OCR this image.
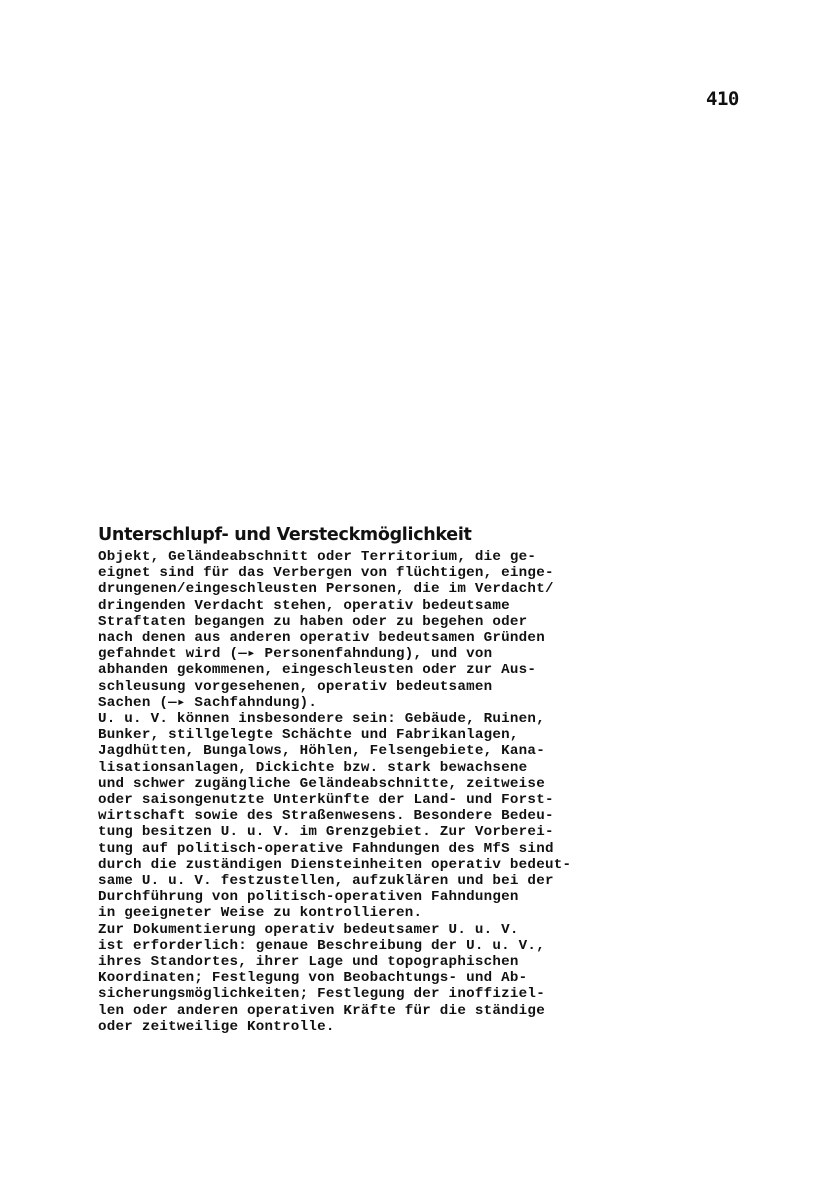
410
Unterschlupf- und Versteckmöglichkeit
Objekt, Geländeabschnitt oder Territorium, die ge-
eignet sind für das Verbergen von flüchtigen, einge-
drungenen/eingeschleusten Personen, die im Verdacht/
dringenden Verdacht stehen, operativ bedeutsame
Straftaten begangen zu haben oder zu begehen oder
nach denen aus anderen operativ bedeutsamen Gründen
gefahndet wird (—▸ Personenfahndung), und von
abhanden gekommenen, eingeschleusten oder zur Aus-
schleusung vorgesehenen, operativ bedeutsamen
Sachen (—▸ Sachfahndung).
U. u. V. können insbesondere sein: Gebäude, Ruinen,
Bunker, stillgelegte Schächte und Fabrikanlagen,
Jagdhütten, Bungalows, Höhlen, Felsengebiete, Kana-
lisationsanlagen, Dickichte bzw. stark bewachsene
und schwer zugängliche Geländeabschnitte, zeitweise
oder saisongenutzte Unterkünfte der Land- und Forst-
wirtschaft sowie des Straßenwesens. Besondere Bedeu-
tung besitzen U. u. V. im Grenzgebiet. Zur Vorberei-
tung auf politisch-operative Fahndungen des MfS sind
durch die zuständigen Diensteinheiten operativ bedeut-
same U. u. V. festzustellen, aufzuklären und bei der
Durchführung von politisch-operativen Fahndungen
in geeigneter Weise zu kontrollieren.
Zur Dokumentierung operativ bedeutsamer U. u. V.
ist erforderlich: genaue Beschreibung der U. u. V.,
ihres Standortes, ihrer Lage und topographischen
Koordinaten; Festlegung von Beobachtungs- und Ab-
sicherungsmöglichkeiten; Festlegung der inoffiziel-
len oder anderen operativen Kräfte für die ständige
oder zeitweilige Kontrolle.
